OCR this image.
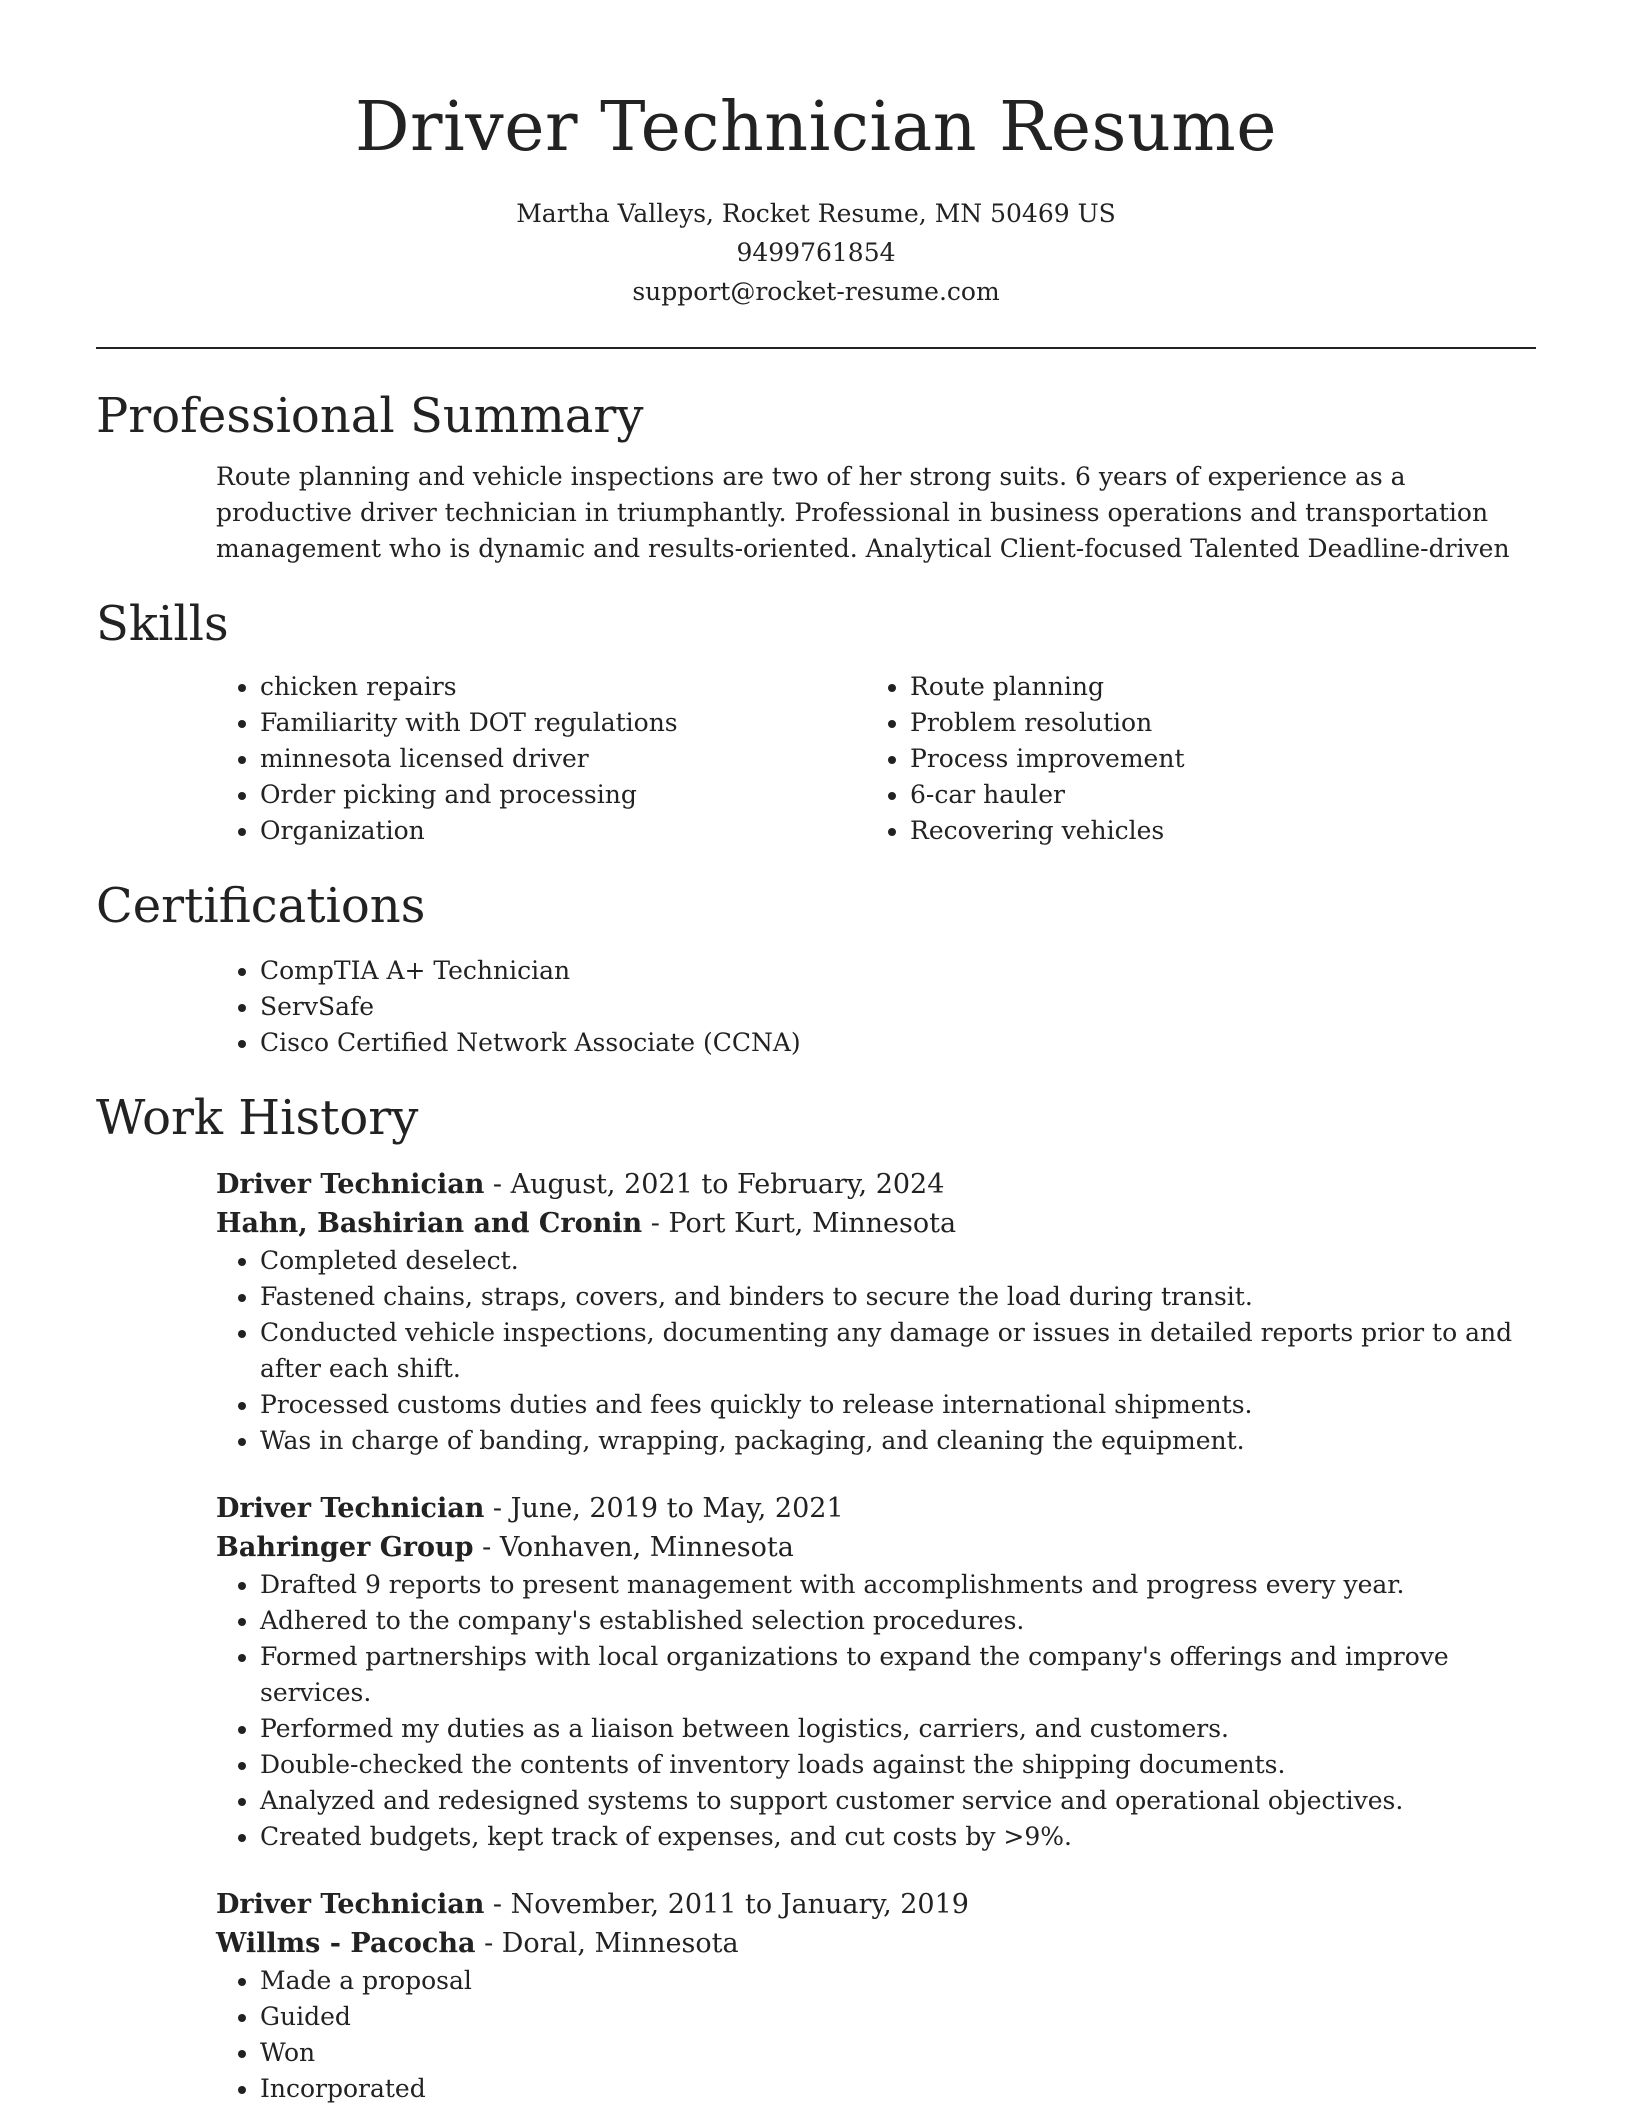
Driver Technician Resume
Martha Valleys, Rocket Resume, MN 50469 US
9499761854
support@rocket-resume.com
Professional Summary
Route planning and vehicle inspections are two of her strong suits. 6 years of experience as a productive driver technician in triumphantly. Professional in business operations and transportation management who is dynamic and results-oriented. Analytical Client-focused Talented Deadline-driven
Skills
• chicken repairs
• Familiarity with DOT regulations
• minnesota licensed driver
• Order picking and processing
• Organization
• Route planning
• Problem resolution
• Process improvement
• 6-car hauler
• Recovering vehicles
Certifications
• CompTIA A+ Technician
• ServSafe
• Cisco Certified Network Associate (CCNA)
Work History
Driver Technician - August, 2021 to February, 2024
Hahn, Bashirian and Cronin - Port Kurt, Minnesota
• Completed deselect.
• Fastened chains, straps, covers, and binders to secure the load during transit.
• Conducted vehicle inspections, documenting any damage or issues in detailed reports prior to and after each shift.
• Processed customs duties and fees quickly to release international shipments.
• Was in charge of banding, wrapping, packaging, and cleaning the equipment.
Driver Technician - June, 2019 to May, 2021
Bahringer Group - Vonhaven, Minnesota
• Drafted 9 reports to present management with accomplishments and progress every year.
• Adhered to the company's established selection procedures.
• Formed partnerships with local organizations to expand the company's offerings and improve services.
• Performed my duties as a liaison between logistics, carriers, and customers.
• Double-checked the contents of inventory loads against the shipping documents.
• Analyzed and redesigned systems to support customer service and operational objectives.
• Created budgets, kept track of expenses, and cut costs by >9%.
Driver Technician - November, 2011 to January, 2019
Willms - Pacocha - Doral, Minnesota
• Made a proposal
• Guided
• Won
• Incorporated
